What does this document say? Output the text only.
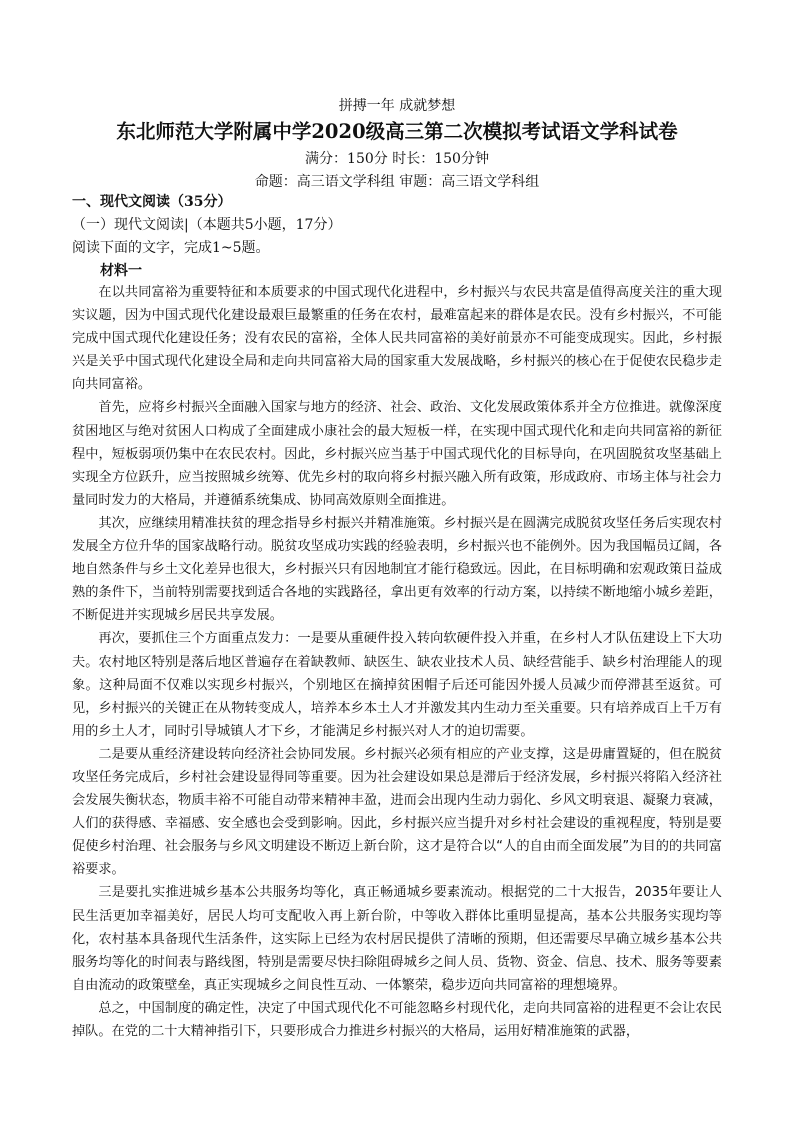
拼搏一年 成就梦想
东北师范大学附属中学2020级高三第二次模拟考试语文学科试卷
满分：150分 时长：150分钟
命题：高三语文学科组 审题：高三语文学科组
一、现代文阅读（35分）
（一）现代文阅读|（本题共5小题，17分）
阅读下面的文字，完成1~5题。
材料一

在以共同富裕为重要特征和本质要求的中国式现代化进程中，乡村振兴与农民共富是值得高度关注的重大现实议题，因为中国式现代化建设最艰巨最繁重的任务在农村，最难富起来的群体是农民。没有乡村振兴，不可能完成中国式现代化建设任务；没有农民的富裕，全体人民共同富裕的美好前景亦不可能变成现实。因此，乡村振兴是关乎中国式现代化建设全局和走向共同富裕大局的国家重大发展战略，乡村振兴的核心在于促使农民稳步走向共同富裕。

首先，应将乡村振兴全面融入国家与地方的经济、社会、政治、文化发展政策体系并全方位推进。就像深度贫困地区与绝对贫困人口构成了全面建成小康社会的最大短板一样，在实现中国式现代化和走向共同富裕的新征程中，短板弱项仍集中在农民农村。因此，乡村振兴应当基于中国式现代化的目标导向，在巩固脱贫攻坚基础上实现全方位跃升，应当按照城乡统筹、优先乡村的取向将乡村振兴融入所有政策，形成政府、市场主体与社会力量同时发力的大格局，并遵循系统集成、协同高效原则全面推进。

其次，应继续用精准扶贫的理念指导乡村振兴并精准施策。乡村振兴是在圆满完成脱贫攻坚任务后实现农村发展全方位升华的国家战略行动。脱贫攻坚成功实践的经验表明，乡村振兴也不能例外。因为我国幅员辽阔，各地自然条件与乡土文化差异也很大，乡村振兴只有因地制宜才能行稳致远。因此，在目标明确和宏观政策日益成熟的条件下，当前特别需要找到适合各地的实践路径，拿出更有效率的行动方案，以持续不断地缩小城乡差距，不断促进并实现城乡居民共享发展。

再次，要抓住三个方面重点发力：一是要从重硬件投入转向软硬件投入并重，在乡村人才队伍建设上下大功夫。农村地区特别是落后地区普遍存在着缺教师、缺医生、缺农业技术人员、缺经营能手、缺乡村治理能人的现象。这种局面不仅难以实现乡村振兴，个别地区在摘掉贫困帽子后还可能因外援人员减少而停滞甚至返贫。可见，乡村振兴的关键正在从物转变成人，培养本乡本土人才并激发其内生动力至关重要。只有培养成百上千万有用的乡土人才，同时引导城镇人才下乡，才能满足乡村振兴对人才的迫切需要。

二是要从重经济建设转向经济社会协同发展。乡村振兴必须有相应的产业支撑，这是毋庸置疑的，但在脱贫攻坚任务完成后，乡村社会建设显得同等重要。因为社会建设如果总是滞后于经济发展，乡村振兴将陷入经济社会发展失衡状态，物质丰裕不可能自动带来精神丰盈，进而会出现内生动力弱化、乡风文明衰退、凝聚力衰减，人们的获得感、幸福感、安全感也会受到影响。因此，乡村振兴应当提升对乡村社会建设的重视程度，特别是要促使乡村治理、社会服务与乡风文明建设不断迈上新台阶，这才是符合以“人的自由而全面发展”为目的的共同富裕要求。

三是要扎实推进城乡基本公共服务均等化，真正畅通城乡要素流动。根据党的二十大报告，2035年要让人民生活更加幸福美好，居民人均可支配收入再上新台阶，中等收入群体比重明显提高，基本公共服务实现均等化，农村基本具备现代生活条件，这实际上已经为农村居民提供了清晰的预期，但还需要尽早确立城乡基本公共服务均等化的时间表与路线图，特别是需要尽快扫除阻碍城乡之间人员、货物、资金、信息、技术、服务等要素自由流动的政策壁垒，真正实现城乡之间良性互动、一体繁荣，稳步迈向共同富裕的理想境界。

总之，中国制度的确定性，决定了中国式现代化不可能忽略乡村现代化，走向共同富裕的进程更不会让农民掉队。在党的二十大精神指引下，只要形成合力推进乡村振兴的大格局，运用好精准施策的武器，
